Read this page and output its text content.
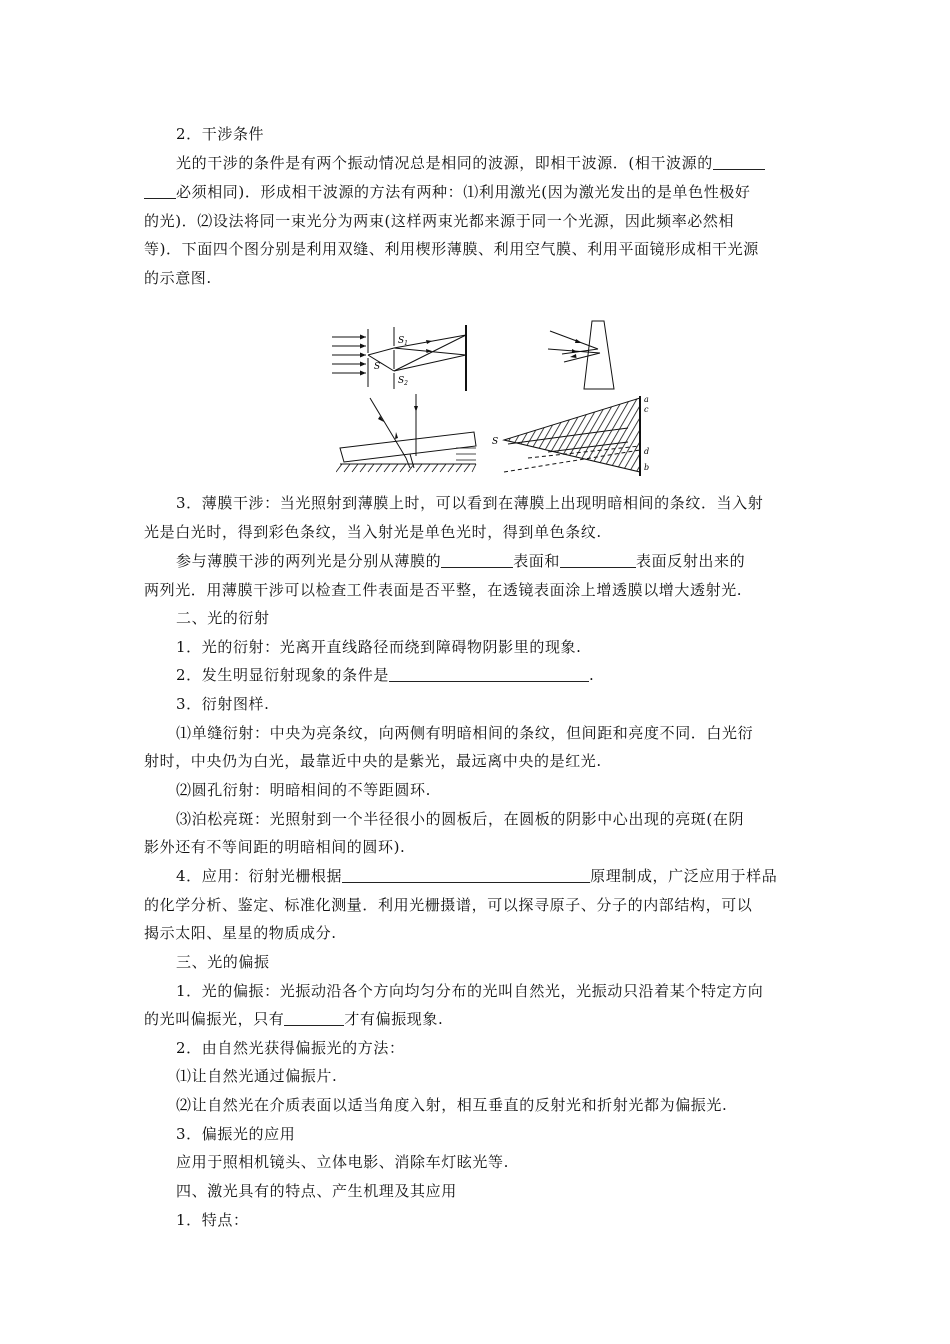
2．干涉条件
光的干涉的条件是有两个振动情况总是相同的波源，即相干波源．(相干波源的
必须相同)．形成相干波源的方法有两种：⑴利用激光(因为激光发出的是单色性极好
的光)．⑵设法将同一束光分为两束(这样两束光都来源于同一个光源，因此频率必然相
等)．下面四个图分别是利用双缝、利用楔形薄膜、利用空气膜、利用平面镜形成相干光源
的示意图.
$S_1$
S
$S_2$
S
a
c
d
b
3．薄膜干涉：当光照射到薄膜上时，可以看到在薄膜上出现明暗相间的条纹．当入射
光是白光时，得到彩色条纹，当入射光是单色光时，得到单色条纹.
参与薄膜干涉的两列光是分别从薄膜的	表面和	表面反射出来的
两列光．用薄膜干涉可以检查工件表面是否平整，在透镜表面涂上增透膜以增大透射光.
二、光的衍射
1．光的衍射：光离开直线路径而绕到障碍物阴影里的现象.
2．发生明显衍射现象的条件是	.
3．衍射图样.
⑴单缝衍射：中央为亮条纹，向两侧有明暗相间的条纹，但间距和亮度不同．白光衍
射时，中央仍为白光，最靠近中央的是紫光，最远离中央的是红光.
⑵圆孔衍射：明暗相间的不等距圆环.
⑶泊松亮斑：光照射到一个半径很小的圆板后，在圆板的阴影中心出现的亮斑(在阴
影外还有不等间距的明暗相间的圆环).
4．应用：衍射光栅根据	原理制成，广泛应用于样品
的化学分析、鉴定、标准化测量．利用光栅摄谱，可以探寻原子、分子的内部结构，可以
揭示太阳、星星的物质成分.
三、光的偏振
1．光的偏振：光振动沿各个方向均匀分布的光叫自然光，光振动只沿着某个特定方向
的光叫偏振光，只有	才有偏振现象.
2．由自然光获得偏振光的方法：
⑴让自然光通过偏振片.
⑵让自然光在介质表面以适当角度入射，相互垂直的反射光和折射光都为偏振光.
3．偏振光的应用
应用于照相机镜头、立体电影、消除车灯眩光等.
四、激光具有的特点、产生机理及其应用
1．特点：
